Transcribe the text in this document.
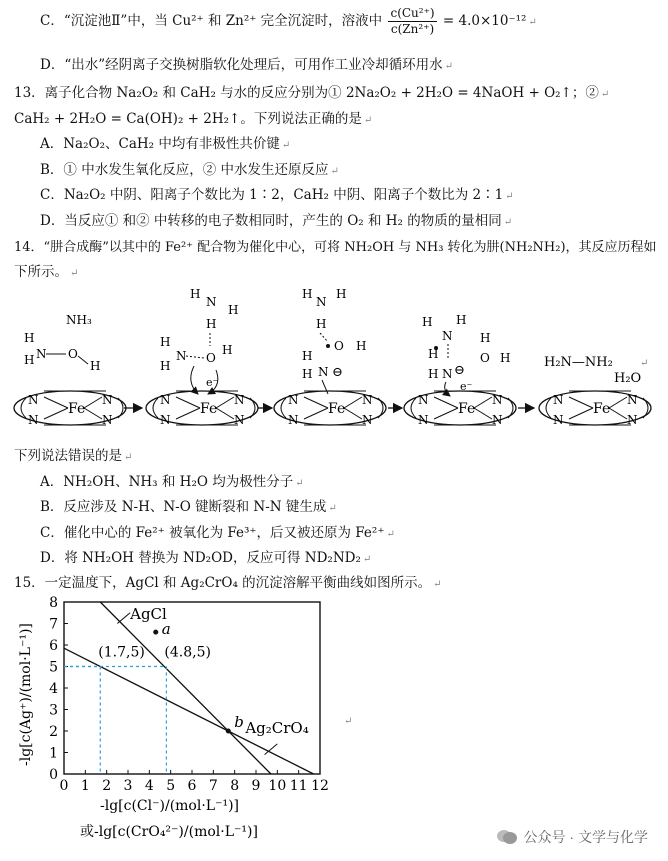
C．“沉淀池Ⅱ”中，当 Cu²⁺ 和 Zn²⁺ 完全沉淀时，溶液中 $\frac{\text{c(Cu²⁺)}}{\text{c(Zn²⁺)}} = 4.0\times 10^{-12}$ ↵
D．“出水”经阴离子交换树脂软化处理后，可用作工业冷却循环用水 ↵
13．离子化合物 Na₂O₂ 和 CaH₂ 与水的反应分别为① 2Na₂O₂ + 2H₂O = 4NaOH + O₂↑；② ↵
CaH₂ + 2H₂O = Ca(OH)₂ + 2H₂↑。下列说法正确的是 ↵
A．Na₂O₂、CaH₂ 中均有非极性共价键 ↵
B．① 中水发生氧化反应，② 中水发生还原反应 ↵
C．Na₂O₂ 中阴、阳离子个数比为 1∶2，CaH₂ 中阴、阳离子个数比为 2∶1 ↵
D．当反应① 和② 中转移的电子数相同时，产生的 O₂ 和 H₂ 的物质的量相同 ↵
14．“肼合成酶”以其中的 Fe²⁺ 配合物为催化中心，可将 NH₂OH 与 NH₃ 转化为肼(NH₂NH₂)，其反应历程如
下所示。 ↵
Fe
N
N
N
N
Fe
N
N
N
N
Fe
N
N
N
N
Fe
N
N
N
N
Fe
N
N
N
N
NH₃
H
H N O
H
H
N
H
H
H
H
N O
H
e⁻
H
N
H
H
O H
H
H N ⊖
H H
N
H
H N ⊖
e⁻
H
O H	H₂N—NH₂
H₂O
↵
下列说法错误的是 ↵
A．NH₂OH、NH₃ 和 H₂O 均为极性分子 ↵
B．反应涉及 N-H、N-O 键断裂和 N-N 键生成 ↵
C．催化中心的 Fe²⁺ 被氧化为 Fe³⁺，后又被还原为 Fe²⁺ ↵
D．将 NH₂OH 替换为 ND₂OD，反应可得 ND₂ND₂ ↵
15．一定温度下，AgCl 和 Ag₂CrO₄ 的沉淀溶解平衡曲线如图所示。 ↵
0 1 2 3 4 5 6 7 8 9 10 11 12
0
1
2
3
4
5
6
7
8
AgCl
Ag₂CrO₄
(1.7,5) (4.8,5)
a
b
-lg[c(Ag⁺)/(mol·L⁻¹)]
-lg[c(Cl⁻)/(mol·L⁻¹)]
或-lg[c(CrO₄²⁻)/(mol·L⁻¹)]
↵
公众号 · 文学与化学
